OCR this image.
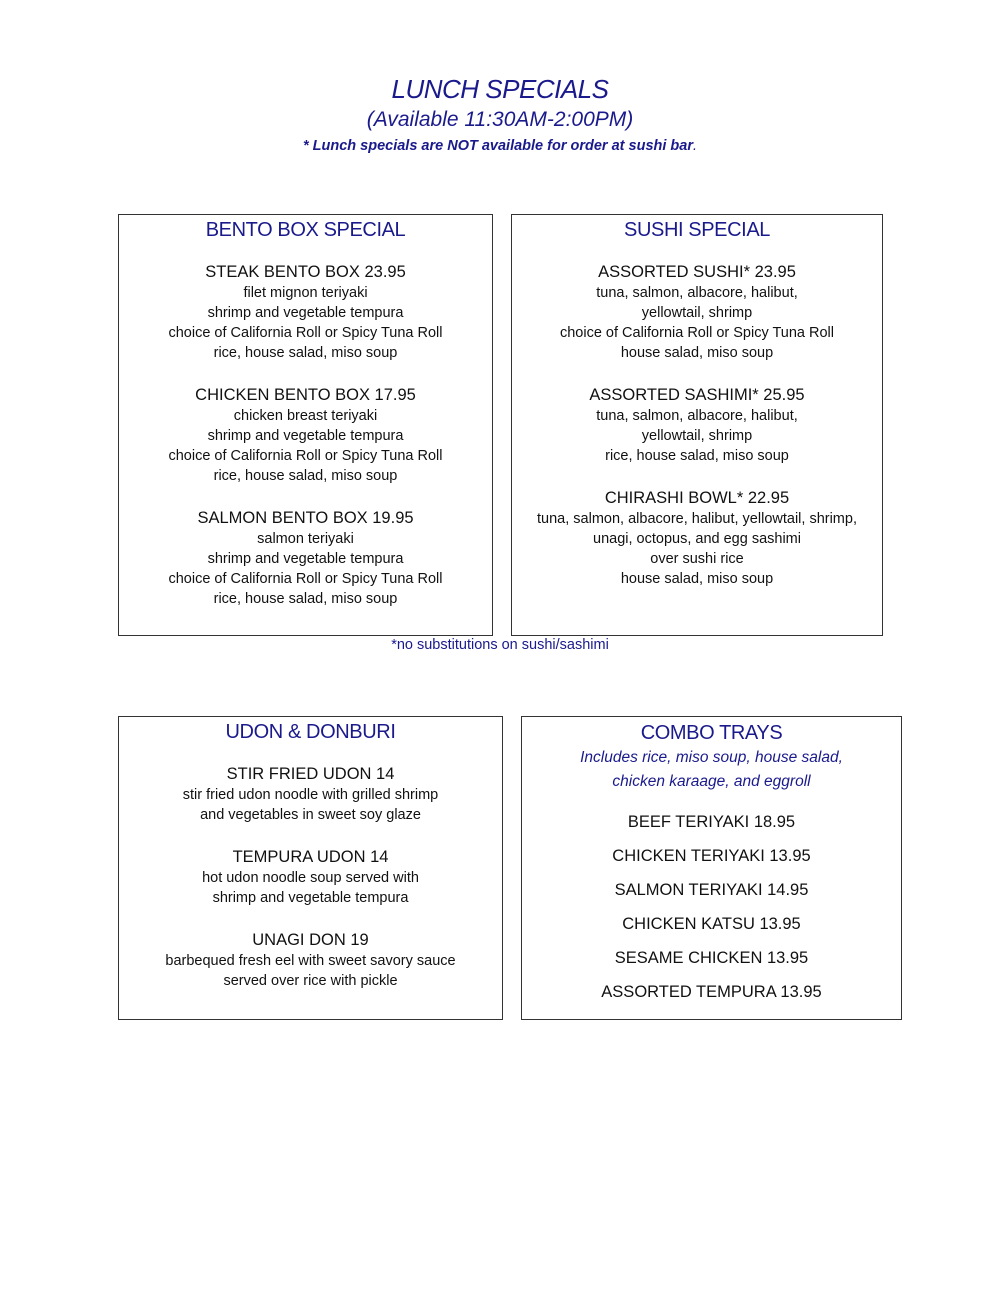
LUNCH SPECIALS
(Available 11:30AM-2:00PM)
* Lunch specials are NOT available for order at sushi bar.
BENTO BOX SPECIAL
STEAK BENTO BOX 23.95
filet mignon teriyaki
shrimp and vegetable tempura
choice of California Roll or Spicy Tuna Roll
rice, house salad, miso soup
CHICKEN BENTO BOX 17.95
chicken breast teriyaki
shrimp and vegetable tempura
choice of California Roll or Spicy Tuna Roll
rice, house salad, miso soup
SALMON BENTO BOX 19.95
salmon teriyaki
shrimp and vegetable tempura
choice of California Roll or Spicy Tuna Roll
rice, house salad, miso soup
SUSHI SPECIAL
ASSORTED SUSHI* 23.95
tuna, salmon, albacore, halibut,
yellowtail, shrimp
choice of California Roll or Spicy Tuna Roll
house salad, miso soup
ASSORTED SASHIMI* 25.95
tuna, salmon, albacore, halibut,
yellowtail, shrimp
rice, house salad, miso soup
CHIRASHI BOWL* 22.95
tuna, salmon, albacore, halibut, yellowtail, shrimp,
unagi, octopus, and egg sashimi
over sushi rice
house salad, miso soup
*no substitutions on sushi/sashimi
UDON & DONBURI
STIR FRIED UDON 14
stir fried udon noodle with grilled shrimp
and vegetables in sweet soy glaze
TEMPURA UDON 14
hot udon noodle soup served with
shrimp and vegetable tempura
UNAGI DON 19
barbequed fresh eel with sweet savory sauce
served over rice with pickle
COMBO TRAYS
Includes rice, miso soup, house salad,
chicken karaage, and eggroll
BEEF TERIYAKI 18.95
CHICKEN TERIYAKI 13.95
SALMON TERIYAKI 14.95
CHICKEN KATSU 13.95
SESAME CHICKEN 13.95
ASSORTED TEMPURA 13.95
